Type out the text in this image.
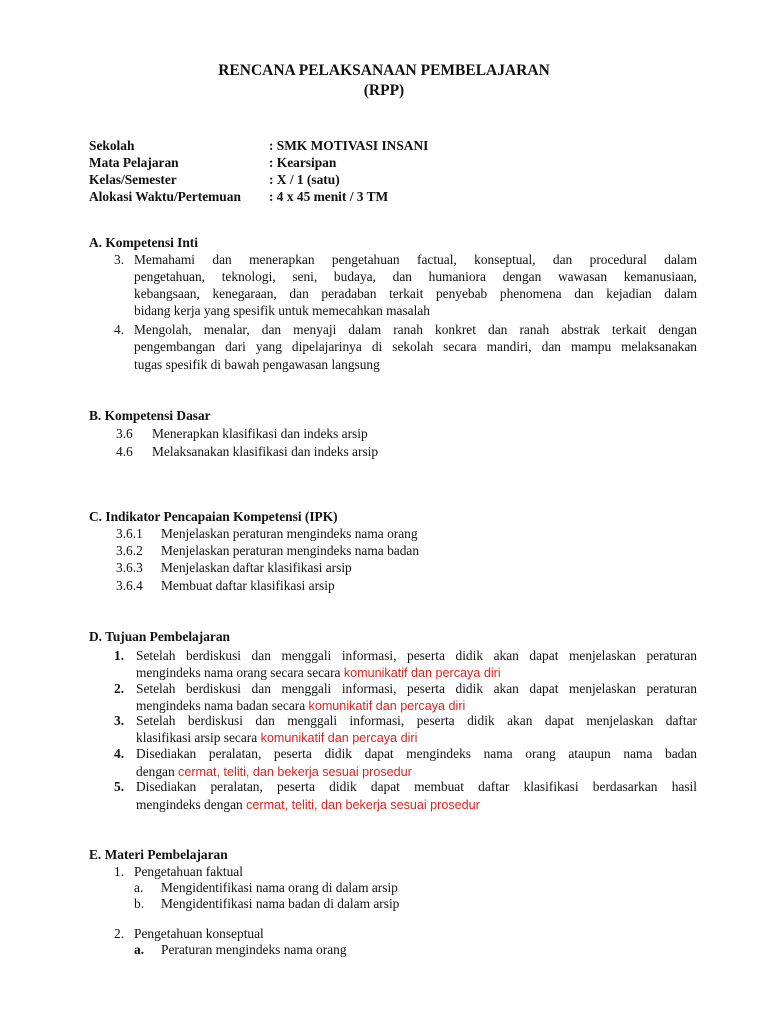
RENCANA PELAKSANAAN PEMBELAJARAN
(RPP)
Sekolah	: SMK MOTIVASI INSANI
Mata Pelajaran	: Kearsipan
Kelas/Semester	: X / 1 (satu)
Alokasi Waktu/Pertemuan : 4 x 45 menit / 3 TM
A. Kompetensi Inti
3. Memahami dan menerapkan pengetahuan factual, konseptual, dan procedural dalam
pengetahuan, teknologi, seni, budaya, dan humaniora dengan wawasan kemanusiaan,
kebangsaan, kenegaraan, dan peradaban terkait penyebab phenomena dan kejadian dalam
bidang kerja yang spesifik untuk memecahkan masalah
4. Mengolah, menalar, dan menyaji dalam ranah konkret dan ranah abstrak terkait dengan
pengembangan dari yang dipelajarinya di sekolah secara mandiri, dan mampu melaksanakan
tugas spesifik di bawah pengawasan langsung
B. Kompetensi Dasar
3.6 Menerapkan klasifikasi dan indeks arsip
4.6 Melaksanakan klasifikasi dan indeks arsip
C. Indikator Pencapaian Kompetensi (IPK)
3.6.1 Menjelaskan peraturan mengindeks nama orang
3.6.2 Menjelaskan peraturan mengindeks nama badan
3.6.3 Menjelaskan daftar klasifikasi arsip
3.6.4 Membuat daftar klasifikasi arsip
D. Tujuan Pembelajaran
1. Setelah berdiskusi dan menggali informasi, peserta didik akan dapat menjelaskan peraturan
mengindeks nama orang secara secara komunikatif dan percaya diri
2. Setelah berdiskusi dan menggali informasi, peserta didik akan dapat menjelaskan peraturan
mengindeks nama badan secara komunikatif dan percaya diri
3. Setelah berdiskusi dan menggali informasi, peserta didik akan dapat menjelaskan daftar
klasifikasi arsip secara komunikatif dan percaya diri
4. Disediakan peralatan, peserta didik dapat mengindeks nama orang ataupun nama badan
dengan cermat, teliti, dan bekerja sesuai prosedur
5. Disediakan peralatan, peserta didik dapat membuat daftar klasifikasi berdasarkan hasil
mengindeks dengan cermat, teliti, dan bekerja sesuai prosedur
E. Materi Pembelajaran
1. Pengetahuan faktual
a. Mengidentifikasi nama orang di dalam arsip
b. Mengidentifikasi nama badan di dalam arsip
2. Pengetahuan konseptual
a. Peraturan mengindeks nama orang
